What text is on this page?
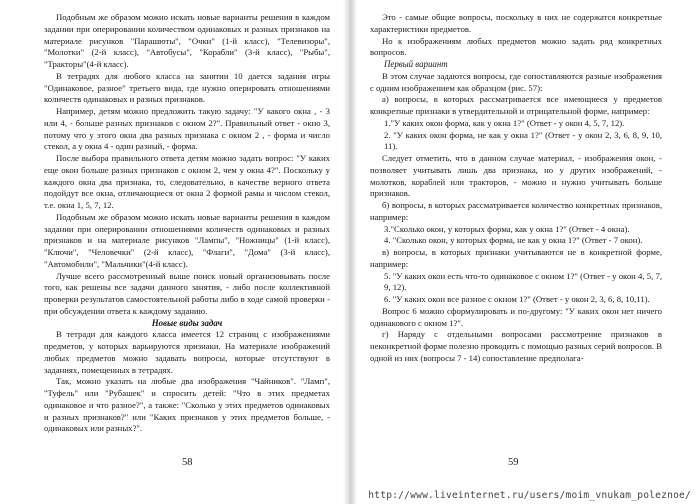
Подобным же образом можно искать новые варианты решения в каждом задании при оперировании количеством одинаковых и разных признаков на материале рисунков "Парашюты", "Очки" (1-й класс), "Телевизоры", "Молотки" (2-й класс), "Автобусы", "Корабли" (3-й класс), "Рыбы", "Тракторы"(4-й класс).

В тетрадях для любого класса на занятии 10 дается задания игры "Одинаковое, разное" третьего вида, где нужно оперировать отношениями количеств одинаковых и разных признаков.

Например, детям можно предложить такую задачу: "У какого окна , - 3 или 4, - больше разных признаков с окном 2?". Правильный ответ - окно 3, потому что у этого окна два разных признака с окном 2 , - форма и число стекол, а у окна 4 - один разный, - форма.

После выбора правильного ответа детям можно задать вопрос: "У каких еще окон больше разных признаков с окном 2, чем у окна 4?". Поскольку у каждого окна два признака, то, следовательно, в качестве верного ответа подойдут все окна, отличающиеся от окна 2 формой рамы и числом стекол, т.е. окна 1, 5, 7, 12.

Подобным же образом можно искать новые варианты решения в каждом задании при оперировании отношениями количеств одинаковых и разных признаков и на материале рисунков "Лампы", "Ножницы" (1-й класс), "Ключи", "Человечки" (2-й класс), "Флаги", "Дома" (3-й класс), "Автомобили", "Мальчики"(4-й класс).

Лучше всего рассмотренный выше поиск новый организовывать после того, как решены все задачи данного занятия, - либо после коллективной проверки результатов самостоятельной работы либо в ходе самой проверки - при обсуждении ответа к каждому заданию.

Новые виды задач

В тетради для каждого класса имеется 12 страниц с изображениями предметов, у которых варьируются признаки. На материале изображений любых предметов можно задавать вопросы, которые отсутствуют в заданиях, помещенных в тетрадях.

Так, можно указать на любые два изображения "Чайников". "Ламп", "Туфель" или "Рубашек" и спросить детей: "Что в этих предметах одинаковое и что разное?", а также: "Сколько у этих предметов одинаковых и разных признаков?" или "Каких признаков у этих предметов больше, - одинаковых или разных?".

Это - самые общие вопросы, поскольку в них не содержатся конкретные характеристики предметов.

Но к изображениям любых предметов можно задать ряд конкретных вопросов.

Первый вариант

В этом случае задаются вопросы, где сопоставляются разные изображения с одним изображением как образцом (рис. 57):

а) вопросы, в которых рассматривается все имеющиеся у предметов конкретные признаки в утвердительной и отрицательной форме, например:

1."У каких окон форма, как у окна 1?" (Ответ - у окон 4, 5, 7, 12).

2. "У каких окон форма, не как у окна 1?" (Ответ - у окон 2, 3, 6, 8, 9, 10, 11).

Следует отметить, что в данном случае материал, - изображения окон, - позволяет учитывать лишь два признака, но у других изображений, - молотков, кораблей или тракторов, - можно и нужно учитывать больше признаков.

б) вопросы, в которых рассматривается количество конкретных признаков, например:

3."Сколько окон, у которых форма, как у окна 1?" (Ответ - 4 окна).

4. "Сколько окон, у которых форма, не как у окна 1?" (Ответ - 7 окон).

в) вопросы, в которых признаки учитываются не в конкретной форме, например:

5. "У каких окон есть что-то одинаковое с окном 1?" (Ответ - у окон 4, 5, 7, 9, 12).

6. "У каких окон все разное с окном 1?" (Ответ - у окон 2, 3, 6, 8, 10,11).

Вопрос 6 можно сформулировать и по-другому: "У каких окон нет ничего одинакового с окном 1?".

г) Наряду с отдельными вопросами рассмотрение признаков в неконкретной форме полезно проводить с помощью разных серий вопросов. В одной из них (вопросы 7 - 14) сопоставление предполага-

58	59
http://www.liveinternet.ru/users/moim_vnukam_poleznoe/
